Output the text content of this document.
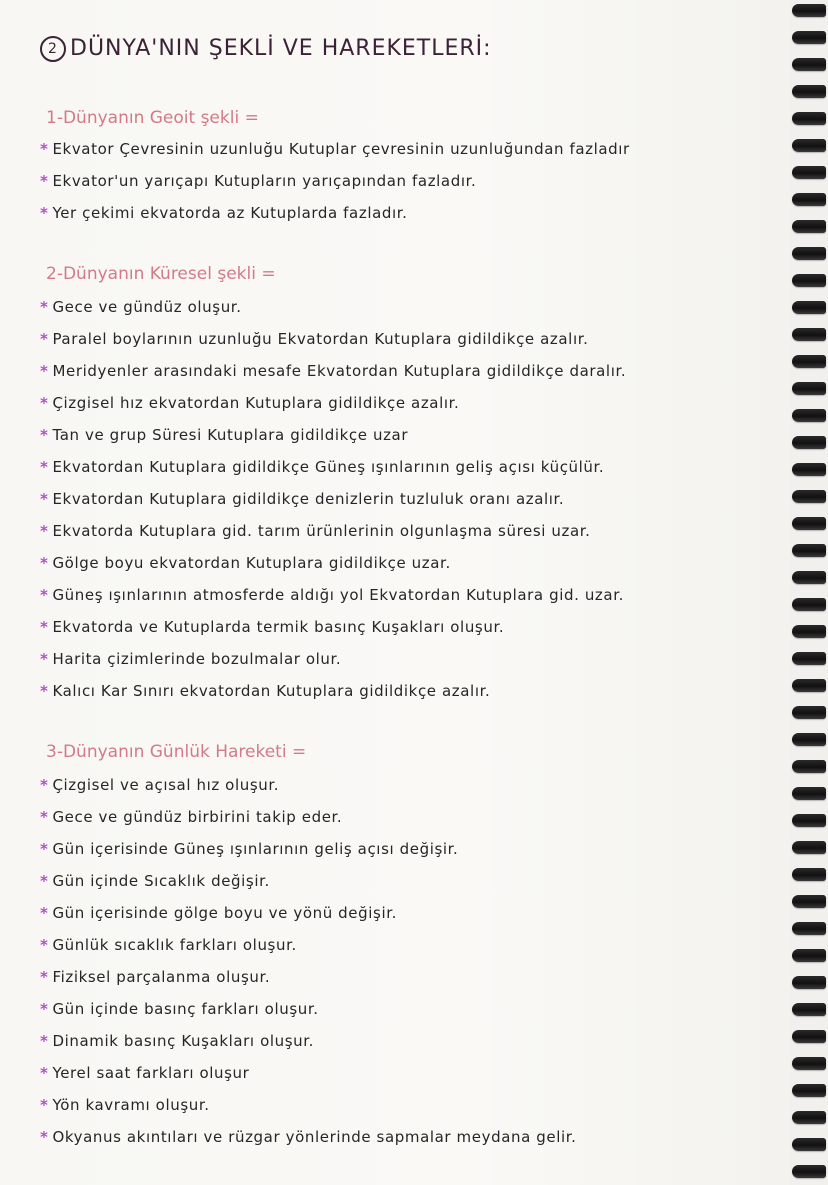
2 DÜNYA'NIN ŞEKLİ VE HAREKETLERİ:
1-Dünyanın Geoit şekli =
* Ekvator Çevresinin uzunluğu Kutuplar çevresinin uzunluğundan fazladır
* Ekvator'un yarıçapı Kutupların yarıçapından fazladır.
* Yer çekimi ekvatorda az Kutuplarda fazladır.
2-Dünyanın Küresel şekli =
* Gece ve gündüz oluşur.
* Paralel boylarının uzunluğu Ekvatordan Kutuplara gidildikçe azalır.
* Meridyenler arasındaki mesafe Ekvatordan Kutuplara gidildikçe daralır.
* Çizgisel hız ekvatordan Kutuplara gidildikçe azalır.
* Tan ve grup Süresi Kutuplara gidildikçe uzar
* Ekvatordan Kutuplara gidildikçe Güneş ışınlarının geliş açısı küçülür.
* Ekvatordan Kutuplara gidildikçe denizlerin tuzluluk oranı azalır.
* Ekvatorda Kutuplara gid. tarım ürünlerinin olgunlaşma süresi uzar.
* Gölge boyu ekvatordan Kutuplara gidildikçe uzar.
* Güneş ışınlarının atmosferde aldığı yol Ekvatordan Kutuplara gid. uzar.
* Ekvatorda ve Kutuplarda termik basınç Kuşakları oluşur.
* Harita çizimlerinde bozulmalar olur.
* Kalıcı Kar Sınırı ekvatordan Kutuplara gidildikçe azalır.
3-Dünyanın Günlük Hareketi =
* Çizgisel ve açısal hız oluşur.
* Gece ve gündüz birbirini takip eder.
* Gün içerisinde Güneş ışınlarının geliş açısı değişir.
* Gün içinde Sıcaklık değişir.
* Gün içerisinde gölge boyu ve yönü değişir.
* Günlük sıcaklık farkları oluşur.
* Fiziksel parçalanma oluşur.
* Gün içinde basınç farkları oluşur.
* Dinamik basınç Kuşakları oluşur.
* Yerel saat farkları oluşur
* Yön kavramı oluşur.
* Okyanus akıntıları ve rüzgar yönlerinde sapmalar meydana gelir.
